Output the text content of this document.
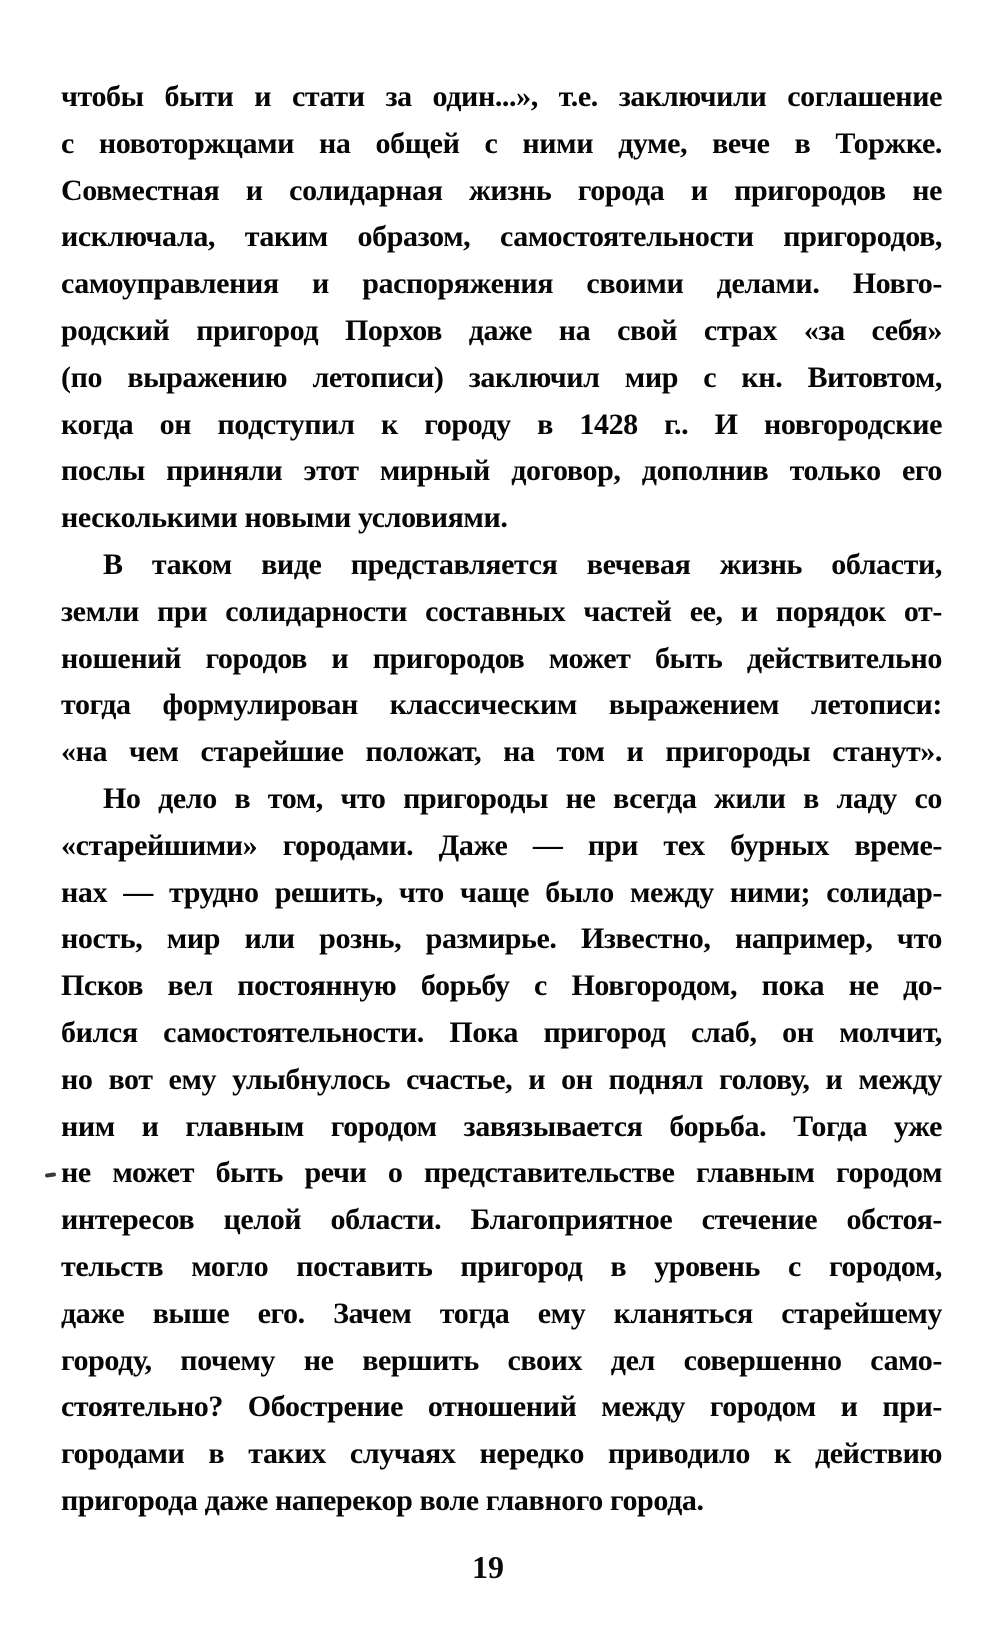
чтобы быти и стати за один...», т.е. заключили соглашение
с новоторжцами на общей с ними думе, вече в Торжке.
Совместная и солидарная жизнь города и пригородов не
исключала, таким образом, самостоятельности пригородов,
самоуправления и распоряжения своими делами. Новго-
родский пригород Порхов даже на свой страх «за себя»
(по выражению летописи) заключил мир с кн. Витовтом,
когда он подступил к городу в 1428 г.. И новгородские
послы приняли этот мирный договор, дополнив только его
несколькими новыми условиями.
В таком виде представляется вечевая жизнь области,
земли при солидарности составных частей ее, и порядок от-
ношений городов и пригородов может быть действительно
тогда формулирован классическим выражением летописи:
«на чем старейшие положат, на том и пригороды станут».
Но дело в том, что пригороды не всегда жили в ладу со
«старейшими» городами. Даже — при тех бурных време-
нах — трудно решить, что чаще было между ними; солидар-
ность, мир или рознь, размирье. Известно, например, что
Псков вел постоянную борьбу с Новгородом, пока не до-
бился самостоятельности. Пока пригород слаб, он молчит,
но вот ему улыбнулось счастье, и он поднял голову, и между
ним и главным городом завязывается борьба. Тогда уже
не может быть речи о представительстве главным городом
интересов целой области. Благоприятное стечение обстоя-
тельств могло поставить пригород в уровень с городом,
даже выше его. Зачем тогда ему кланяться старейшему
городу, почему не вершить своих дел совершенно само-
стоятельно? Обострение отношений между городом и при-
городами в таких случаях нередко приводило к действию
пригорода даже наперекор воле главного города.
19
